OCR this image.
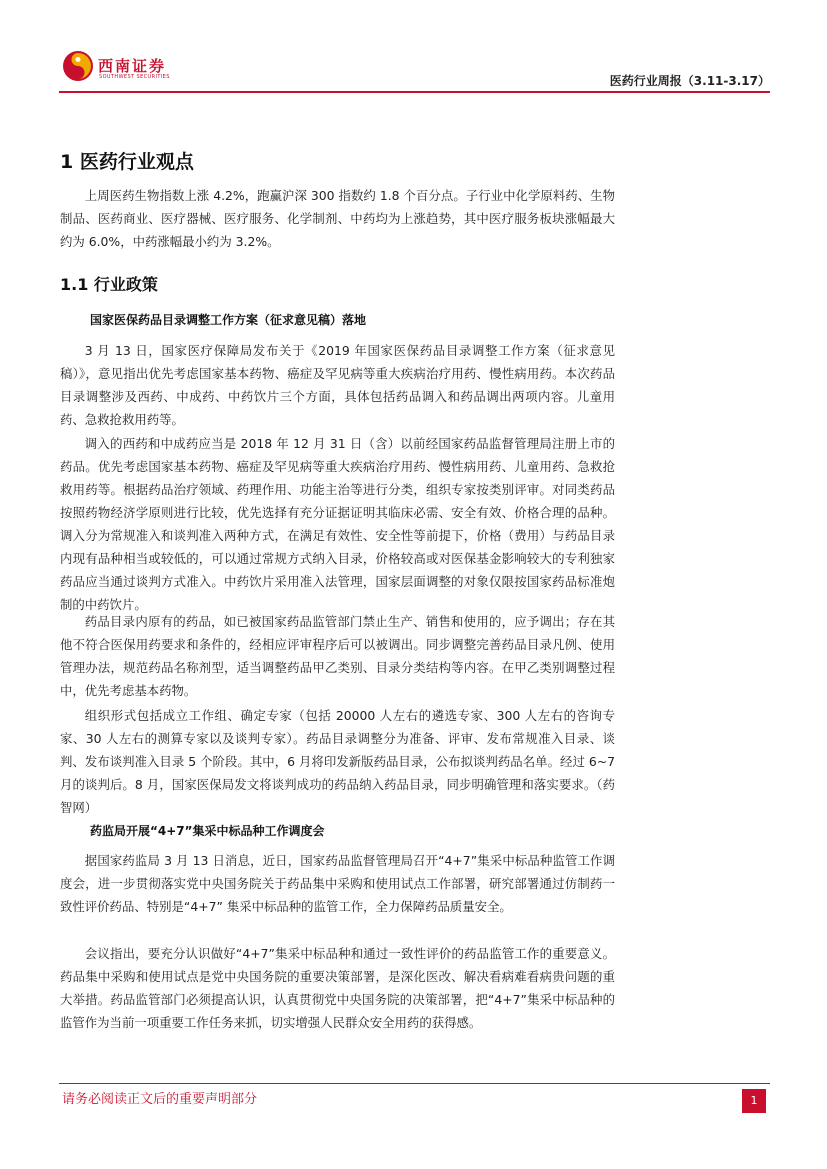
西南证券
SOUTHWEST SECURITIES	医药行业周报（3.11-3.17）
1 医药行业观点
上周医药生物指数上涨 4.2%，跑赢沪深 300 指数约 1.8 个百分点。子行业中化学原料药、生物制品、医药商业、医疗器械、医疗服务、化学制剂、中药均为上涨趋势，其中医疗服务板块涨幅最大约为 6.0%，中药涨幅最小约为 3.2%。
1.1 行业政策
国家医保药品目录调整工作方案（征求意见稿）落地
3 月 13 日，国家医疗保障局发布关于《2019 年国家医保药品目录调整工作方案（征求意见稿）》，意见指出优先考虑国家基本药物、癌症及罕见病等重大疾病治疗用药、慢性病用药。本次药品目录调整涉及西药、中成药、中药饮片三个方面，具体包括药品调入和药品调出两项内容。儿童用药、急救抢救用药等。
调入的西药和中成药应当是 2018 年 12 月 31 日（含）以前经国家药品监督管理局注册上市的药品。优先考虑国家基本药物、癌症及罕见病等重大疾病治疗用药、慢性病用药、儿童用药、急救抢救用药等。根据药品治疗领域、药理作用、功能主治等进行分类，组织专家按类别评审。对同类药品按照药物经济学原则进行比较，优先选择有充分证据证明其临床必需、安全有效、价格合理的品种。调入分为常规准入和谈判准入两种方式，在满足有效性、安全性等前提下，价格（费用）与药品目录内现有品种相当或较低的，可以通过常规方式纳入目录，价格较高或对医保基金影响较大的专利独家药品应当通过谈判方式准入。中药饮片采用准入法管理，国家层面调整的对象仅限按国家药品标准炮制的中药饮片。
药品目录内原有的药品，如已被国家药品监管部门禁止生产、销售和使用的，应予调出；存在其他不符合医保用药要求和条件的，经相应评审程序后可以被调出。同步调整完善药品目录凡例、使用管理办法，规范药品名称剂型，适当调整药品甲乙类别、目录分类结构等内容。在甲乙类别调整过程中，优先考虑基本药物。
组织形式包括成立工作组、确定专家（包括 20000 人左右的遴选专家、300 人左右的咨询专家、30 人左右的测算专家以及谈判专家）。药品目录调整分为准备、评审、发布常规准入目录、谈判、发布谈判准入目录 5 个阶段。其中，6 月将印发新版药品目录，公布拟谈判药品名单。经过 6~7 月的谈判后。8 月，国家医保局发文将谈判成功的药品纳入药品目录，同步明确管理和落实要求。（药智网）
药监局开展“4+7”集采中标品种工作调度会
据国家药监局 3 月 13 日消息，近日，国家药品监督管理局召开“4+7”集采中标品种监管工作调度会，进一步贯彻落实党中央国务院关于药品集中采购和使用试点工作部署，研究部署通过仿制药一致性评价药品、特别是“4+7” 集采中标品种的监管工作，全力保障药品质量安全。
会议指出，要充分认识做好“4+7”集采中标品种和通过一致性评价的药品监管工作的重要意义。药品集中采购和使用试点是党中央国务院的重要决策部署，是深化医改、解决看病难看病贵问题的重大举措。药品监管部门必须提高认识，认真贯彻党中央国务院的决策部署，把“4+7”集采中标品种的监管作为当前一项重要工作任务来抓，切实增强人民群众安全用药的获得感。
请务必阅读正文后的重要声明部分	1
